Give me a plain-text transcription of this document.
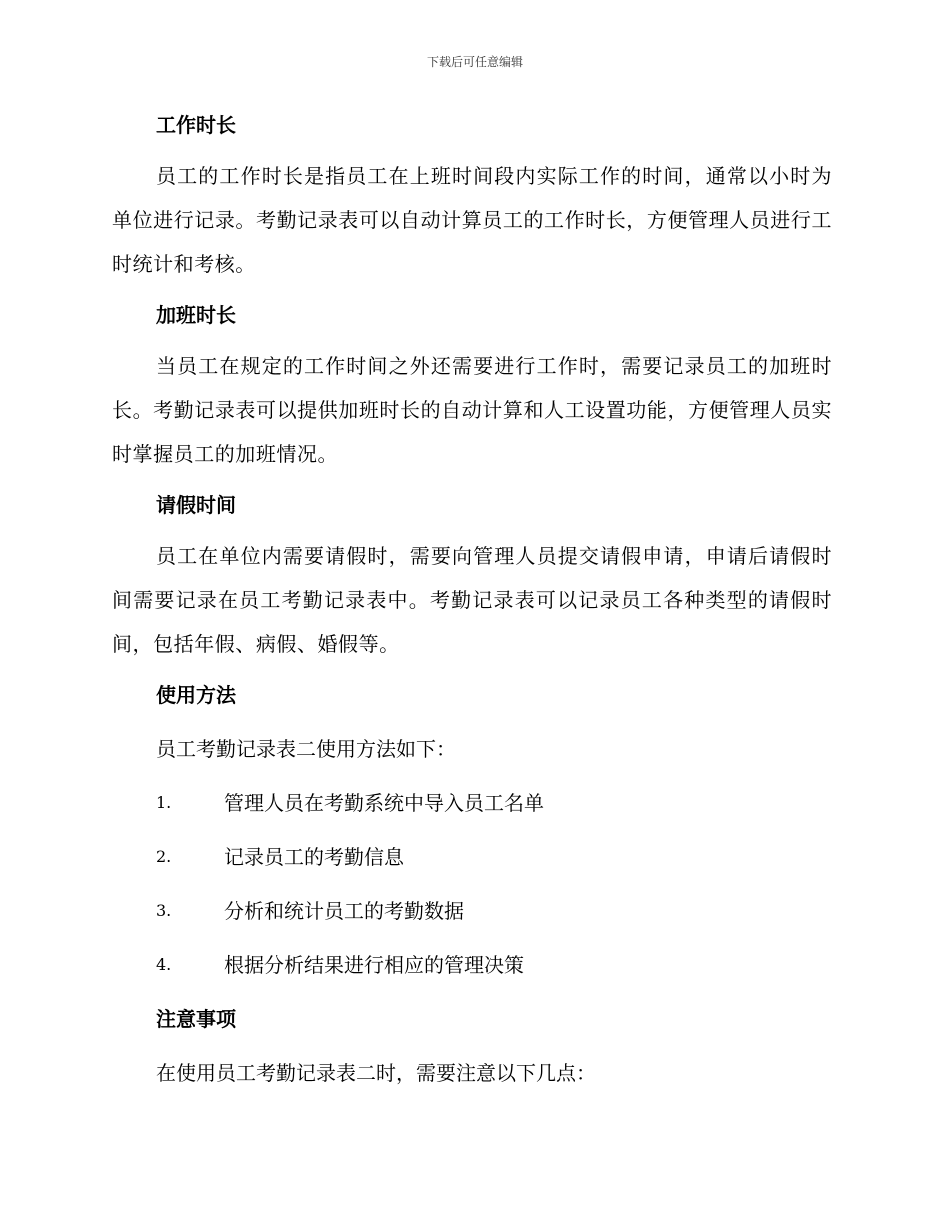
下载后可任意编辑
工作时长

员工的工作时长是指员工在上班时间段内实际工作的时间，通常以小时为单位进行记录。考勤记录表可以自动计算员工的工作时长，方便管理人员进行工时统计和考核。

加班时长

当员工在规定的工作时间之外还需要进行工作时，需要记录员工的加班时长。考勤记录表可以提供加班时长的自动计算和人工设置功能，方便管理人员实时掌握员工的加班情况。

请假时间

员工在单位内需要请假时，需要向管理人员提交请假申请，申请后请假时间需要记录在员工考勤记录表中。考勤记录表可以记录员工各种类型的请假时间，包括年假、病假、婚假等。

使用方法

员工考勤记录表二使用方法如下：

1.	管理人员在考勤系统中导入员工名单
2.	记录员工的考勤信息
3.	分析和统计员工的考勤数据
4.	根据分析结果进行相应的管理决策
注意事项

在使用员工考勤记录表二时，需要注意以下几点：
